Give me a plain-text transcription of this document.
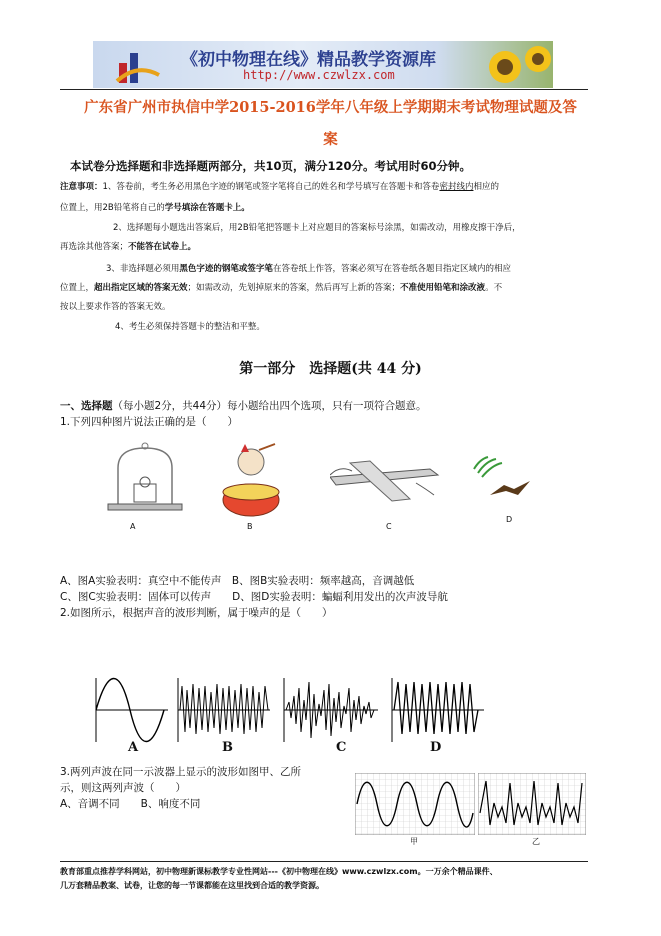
《初中物理在线》精品教学资源库
http://www.czwlzx.com
广东省广州市执信中学2015-2016学年八年级上学期期末考试物理试题及答
案
本试卷分选择题和非选择题两部分，共10页，满分120分。考试用时60分钟。
注意事项：1、答卷前，考生务必用黑色字迹的钢笔或签字笔将自己的姓名和学号填写在答题卡和答卷密封线内相应的
位置上，用2B铅笔将自己的学号填涂在答题卡上。
2、选择题每小题选出答案后，用2B铅笔把答题卡上对应题目的答案标号涂黑，如需改动，用橡皮擦干净后，
再选涂其他答案；不能答在试卷上。
3、非选择题必须用黑色字迹的钢笔或签字笔在答卷纸上作答，答案必须写在答卷纸各题目指定区域内的相应
位置上，超出指定区域的答案无效；如需改动，先划掉原来的答案，然后再写上新的答案；不准使用铅笔和涂改液。不
按以上要求作答的答案无效。
4、考生必须保持答题卡的整洁和平整。
第一部分　选择题(共 44 分)
一、选择题（每小题2分，共44分）每小题给出四个选项，只有一项符合题意。
1.下列四种图片说法正确的是（　　）
A	B	C
D
A、图A实验表明：真空中不能传声　B、图B实验表明：频率越高，音调越低
C、图C实验表明：固体可以传声　　D、图D实验表明：蝙蝠利用发出的次声波导航
2.如图所示，根据声音的波形判断，属于噪声的是（　　）
A	B	C	D
3.两列声波在同一示波器上显示的波形如图甲、乙所
示，则这两列声波（　　）
A、音调不同　　B、响度不同
甲	乙
教育部重点推荐学科网站，初中物理新课标教学专业性网站---《初中物理在线》www.czwlzx.com。一万余个精品课件、
几万套精品教案、试卷，让您的每一节课都能在这里找到合适的教学资源。
